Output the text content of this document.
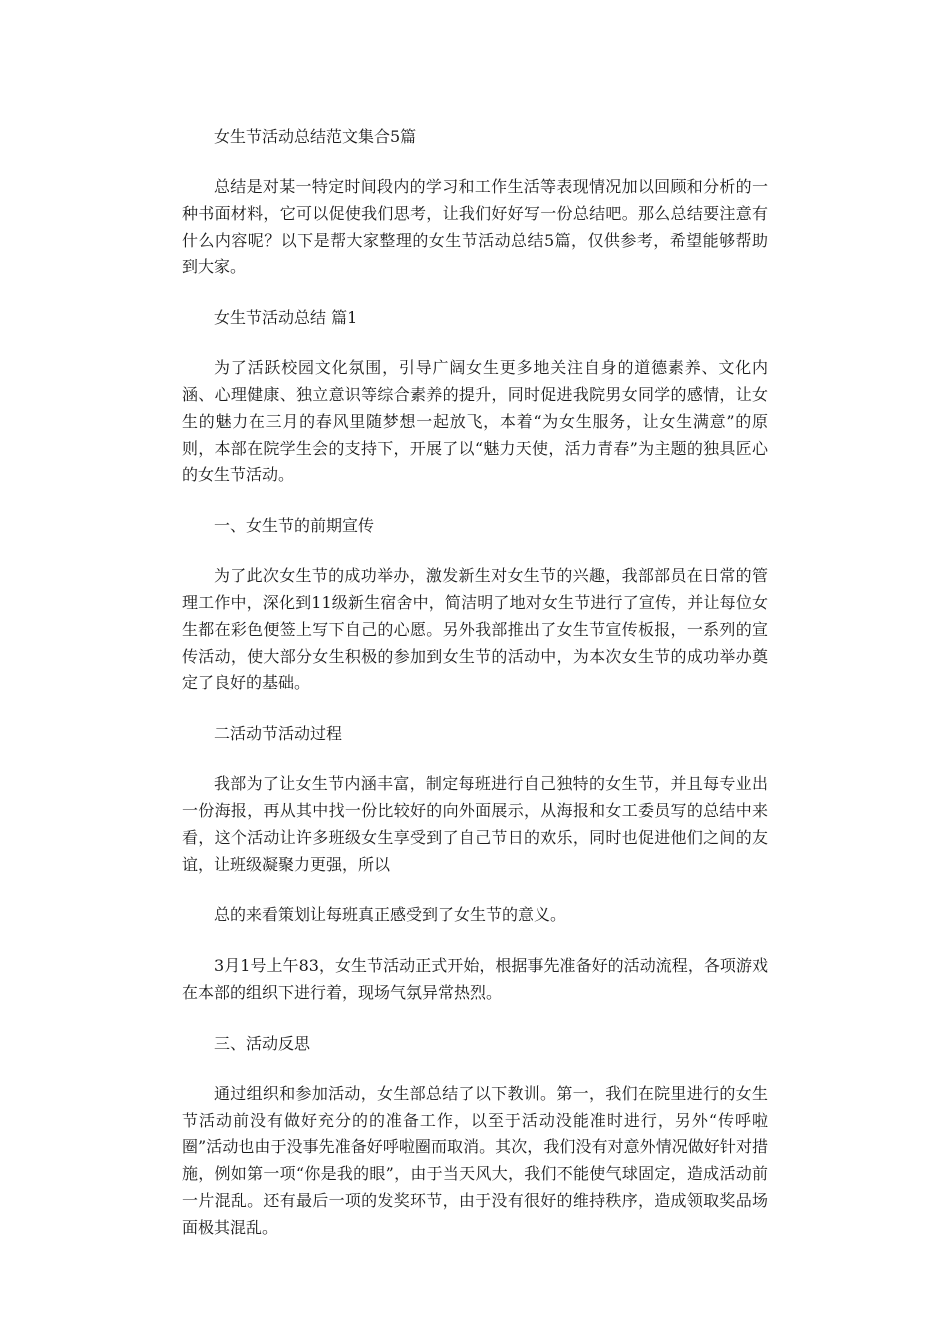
女生节活动总结范文集合5篇

总结是对某一特定时间段内的学习和工作生活等表现情况加以回顾和分析的一种书面材料，它可以促使我们思考，让我们好好写一份总结吧。那么总结要注意有什么内容呢？以下是帮大家整理的女生节活动总结5篇，仅供参考，希望能够帮助到大家。

女生节活动总结 篇1

为了活跃校园文化氛围，引导广阔女生更多地关注自身的道德素养、文化内涵、心理健康、独立意识等综合素养的提升，同时促进我院男女同学的感情，让女生的魅力在三月的春风里随梦想一起放飞，本着“为女生服务，让女生满意”的原则，本部在院学生会的支持下，开展了以“魅力天使，活力青春”为主题的独具匠心的女生节活动。

一、女生节的前期宣传

为了此次女生节的成功举办，激发新生对女生节的兴趣，我部部员在日常的管理工作中，深化到11级新生宿舍中，简洁明了地对女生节进行了宣传，并让每位女生都在彩色便签上写下自己的心愿。另外我部推出了女生节宣传板报，一系列的宣传活动，使大部分女生积极的参加到女生节的活动中，为本次女生节的成功举办奠定了良好的基础。

二活动节活动过程

我部为了让女生节内涵丰富，制定每班进行自己独特的女生节，并且每专业出一份海报，再从其中找一份比较好的向外面展示，从海报和女工委员写的总结中来看，这个活动让许多班级女生享受到了自己节日的欢乐，同时也促进他们之间的友谊，让班级凝聚力更强，所以

总的来看策划让每班真正感受到了女生节的意义。

3月1号上午83，女生节活动正式开始，根据事先准备好的活动流程，各项游戏在本部的组织下进行着，现场气氛异常热烈。

三、活动反思

通过组织和参加活动，女生部总结了以下教训。第一，我们在院里进行的女生节活动前没有做好充分的的准备工作，以至于活动没能准时进行，另外“传呼啦圈”活动也由于没事先准备好呼啦圈而取消。其次，我们没有对意外情况做好针对措施，例如第一项“你是我的眼”，由于当天风大，我们不能使气球固定，造成活动前一片混乱。还有最后一项的发奖环节，由于没有很好的维持秩序，造成领取奖品场面极其混乱。
